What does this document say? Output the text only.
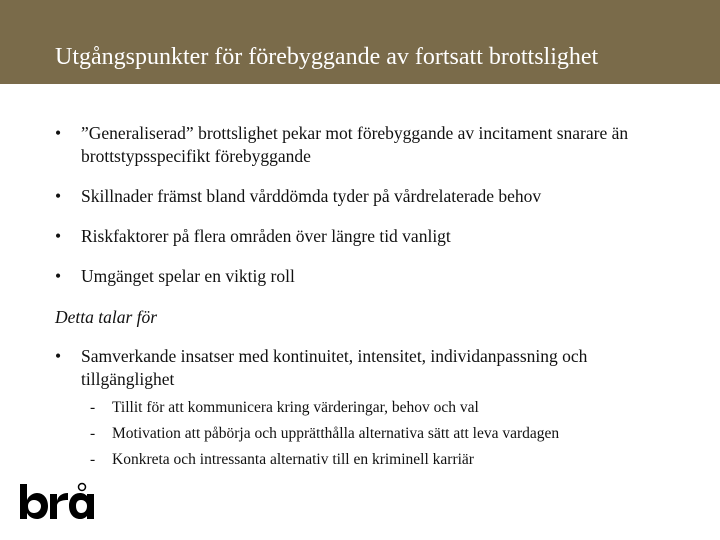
Utgångspunkter för förebyggande av fortsatt brottslighet
• ”Generaliserad” brottslighet pekar mot förebyggande av incitament snarare än brottstypsspecifikt förebyggande
• Skillnader främst bland vårddömda tyder på vårdrelaterade behov
• Riskfaktorer på flera områden över längre tid vanligt
• Umgänget spelar en viktig roll
Detta talar för
• Samverkande insatser med kontinuitet, intensitet, individanpassning och tillgänglighet
- Tillit för att kommunicera kring värderingar, behov och val
- Motivation att påbörja och upprätthålla alternativa sätt att leva vardagen
- Konkreta och intressanta alternativ till en kriminell karriär
